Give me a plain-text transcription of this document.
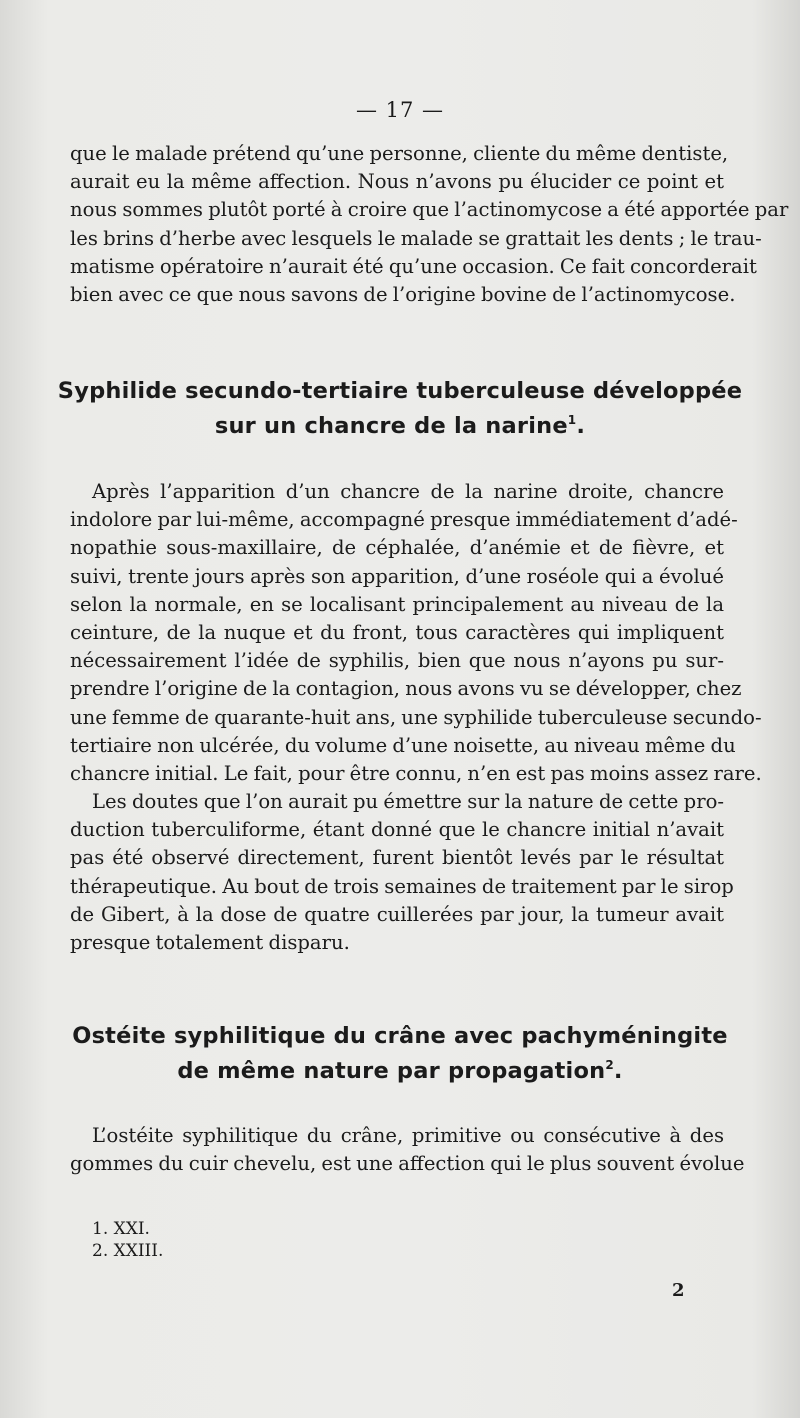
— 17 —

que le malade prétend qu’une personne, cliente du même dentiste,
aurait eu la même affection. Nous n’avons pu élucider ce point et
nous sommes plutôt porté à croire que l’actinomycose a été apportée par
les brins d’herbe avec lesquels le malade se grattait les dents ; le trau-
matisme opératoire n’aurait été qu’une occasion. Ce fait concorderait
bien avec ce que nous savons de l’origine bovine de l’actinomycose.

Syphilide secundo-tertiaire tuberculeuse développée
sur un chancre de la narine$^1$.

Après l’apparition d’un chancre de la narine droite, chancre
indolore par lui-même, accompagné presque immédiatement d’adé-
nopathie sous-maxillaire, de céphalée, d’anémie et de fièvre, et
suivi, trente jours après son apparition, d’une roséole qui a évolué
selon la normale, en se localisant principalement au niveau de la
ceinture, de la nuque et du front, tous caractères qui impliquent
nécessairement l’idée de syphilis, bien que nous n’ayons pu sur-
prendre l’origine de la contagion, nous avons vu se développer, chez
une femme de quarante-huit ans, une syphilide tuberculeuse secundo-
tertiaire non ulcérée, du volume d’une noisette, au niveau même du
chancre initial. Le fait, pour être connu, n’en est pas moins assez rare.

Les doutes que l’on aurait pu émettre sur la nature de cette pro-
duction tuberculiforme, étant donné que le chancre initial n’avait
pas été observé directement, furent bientôt levés par le résultat
thérapeutique. Au bout de trois semaines de traitement par le sirop
de Gibert, à la dose de quatre cuillerées par jour, la tumeur avait
presque totalement disparu.

Ostéite syphilitique du crâne avec pachyméningite
de même nature par propagation$^2$.

L’ostéite syphilitique du crâne, primitive ou consécutive à des
gommes du cuir chevelu, est une affection qui le plus souvent évolue

1. XXI.
2. XXIII.
2
